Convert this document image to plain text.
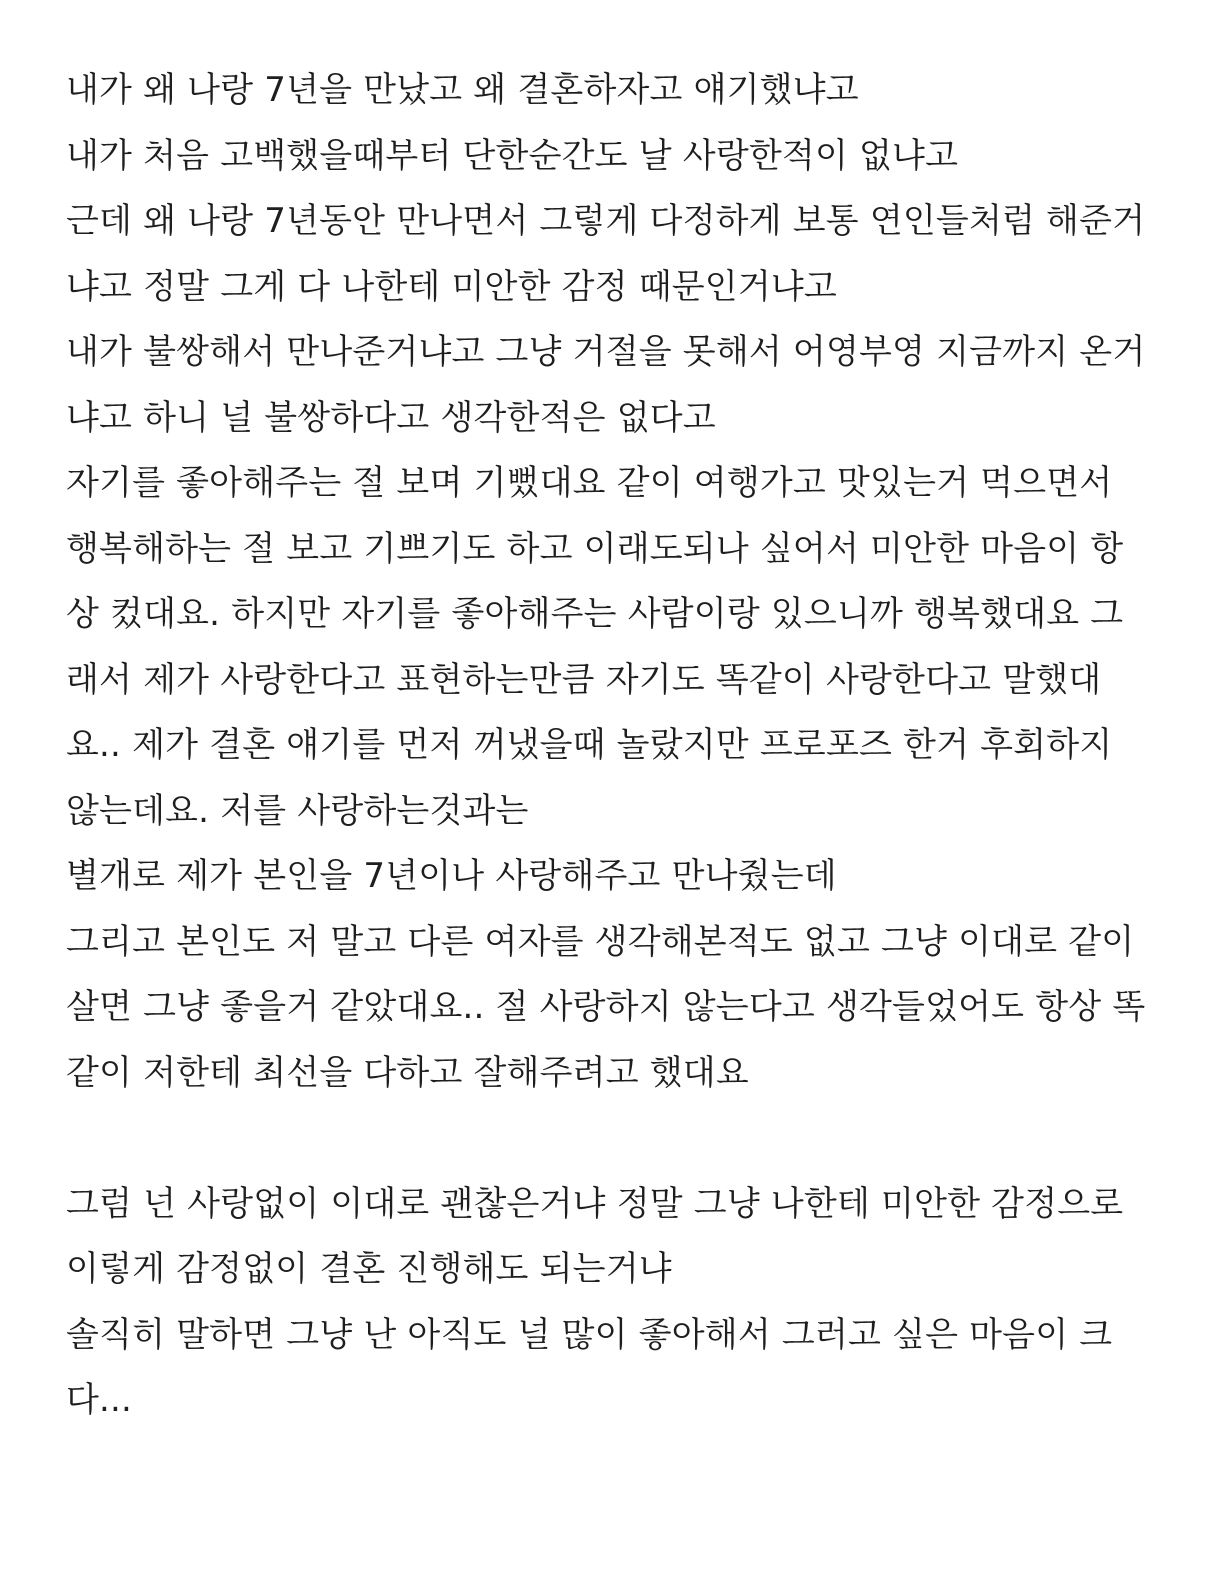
내가 왜 나랑 7년을 만났고 왜 결혼하자고 얘기했냐고
내가 처음 고백했을때부터 단한순간도 날 사랑한적이 없냐고
근데 왜 나랑 7년동안 만나면서 그렇게 다정하게 보통 연인들처럼 해준거
냐고 정말 그게 다 나한테 미안한 감정 때문인거냐고
내가 불쌍해서 만나준거냐고 그냥 거절을 못해서 어영부영 지금까지 온거
냐고 하니 널 불쌍하다고 생각한적은 없다고
자기를 좋아해주는 절 보며 기뻤대요 같이 여행가고 맛있는거 먹으면서
행복해하는 절 보고 기쁘기도 하고 이래도되나 싶어서 미안한 마음이 항
상 컸대요. 하지만 자기를 좋아해주는 사람이랑 있으니까 행복했대요 그
래서 제가 사랑한다고 표현하는만큼 자기도 똑같이 사랑한다고 말했대
요.. 제가 결혼 얘기를 먼저 꺼냈을때 놀랐지만 프로포즈 한거 후회하지
않는데요. 저를 사랑하는것과는
별개로 제가 본인을 7년이나 사랑해주고 만나줬는데
그리고 본인도 저 말고 다른 여자를 생각해본적도 없고 그냥 이대로 같이
살면 그냥 좋을거 같았대요.. 절 사랑하지 않는다고 생각들었어도 항상 똑
같이 저한테 최선을 다하고 잘해주려고 했대요
그럼 넌 사랑없이 이대로 괜찮은거냐 정말 그냥 나한테 미안한 감정으로
이렇게 감정없이 결혼 진행해도 되는거냐
솔직히 말하면 그냥 난 아직도 널 많이 좋아해서 그러고 싶은 마음이 크
다...
